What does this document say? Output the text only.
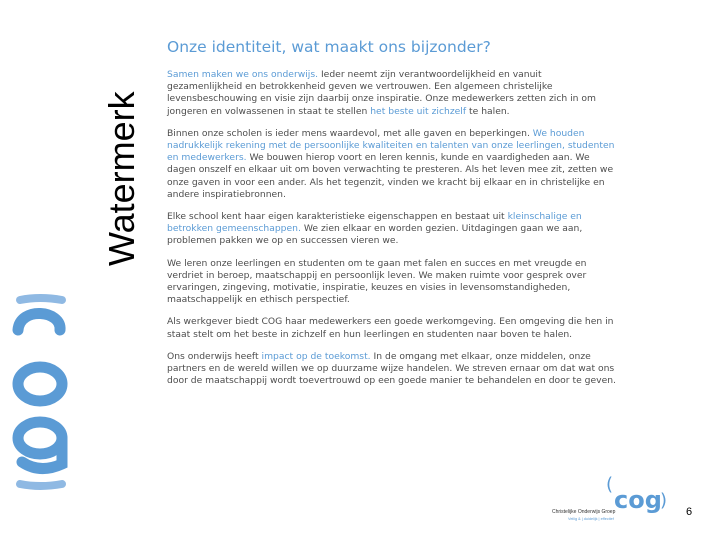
Watermerk
Onze identiteit, wat maakt ons bijzonder?

Samen maken we ons onderwijs. Ieder neemt zijn verantwoordelijkheid en vanuit gezamenlijkheid en betrokkenheid geven we vertrouwen. Een algemeen christelijke levensbeschouwing en visie zijn daarbij onze inspiratie. Onze medewerkers zetten zich in om jongeren en volwassenen in staat te stellen het beste uit zichzelf te halen.

Binnen onze scholen is ieder mens waardevol, met alle gaven en beperkingen. We houden nadrukkelijk rekening met de persoonlijke kwaliteiten en talenten van onze leerlingen, studenten en medewerkers. We bouwen hierop voort en leren kennis, kunde en vaardigheden aan. We dagen onszelf en elkaar uit om boven verwachting te presteren. Als het leven mee zit, zetten we onze gaven in voor een ander. Als het tegenzit, vinden we kracht bij elkaar en in christelijke en andere inspiratiebronnen.

Elke school kent haar eigen karakteristieke eigenschappen en bestaat uit kleinschalige en betrokken gemeenschappen. We zien elkaar en worden gezien. Uitdagingen gaan we aan, problemen pakken we op en successen vieren we.

We leren onze leerlingen en studenten om te gaan met falen en succes en met vreugde en verdriet in beroep, maatschappij en persoonlijk leven. We maken ruimte voor gesprek over ervaringen, zingeving, motivatie, inspiratie, keuzes en visies in levensomstandigheden, maatschappelijk en ethisch perspectief.

Als werkgever biedt COG haar medewerkers een goede werkomgeving. Een omgeving die hen in staat stelt om het beste in zichzelf en hun leerlingen en studenten naar boven te halen.

Ons onderwijs heeft impact op de toekomst. In de omgang met elkaar, onze middelen, onze partners en de wereld willen we op duurzame wijze handelen. We streven ernaar om dat wat ons door de maatschappij wordt toevertrouwd op een goede manier te behandelen en door te geven.

(
cog
)
Christelijke Onderwijs Groep
Veilig & | duidelijk | effectief
6
